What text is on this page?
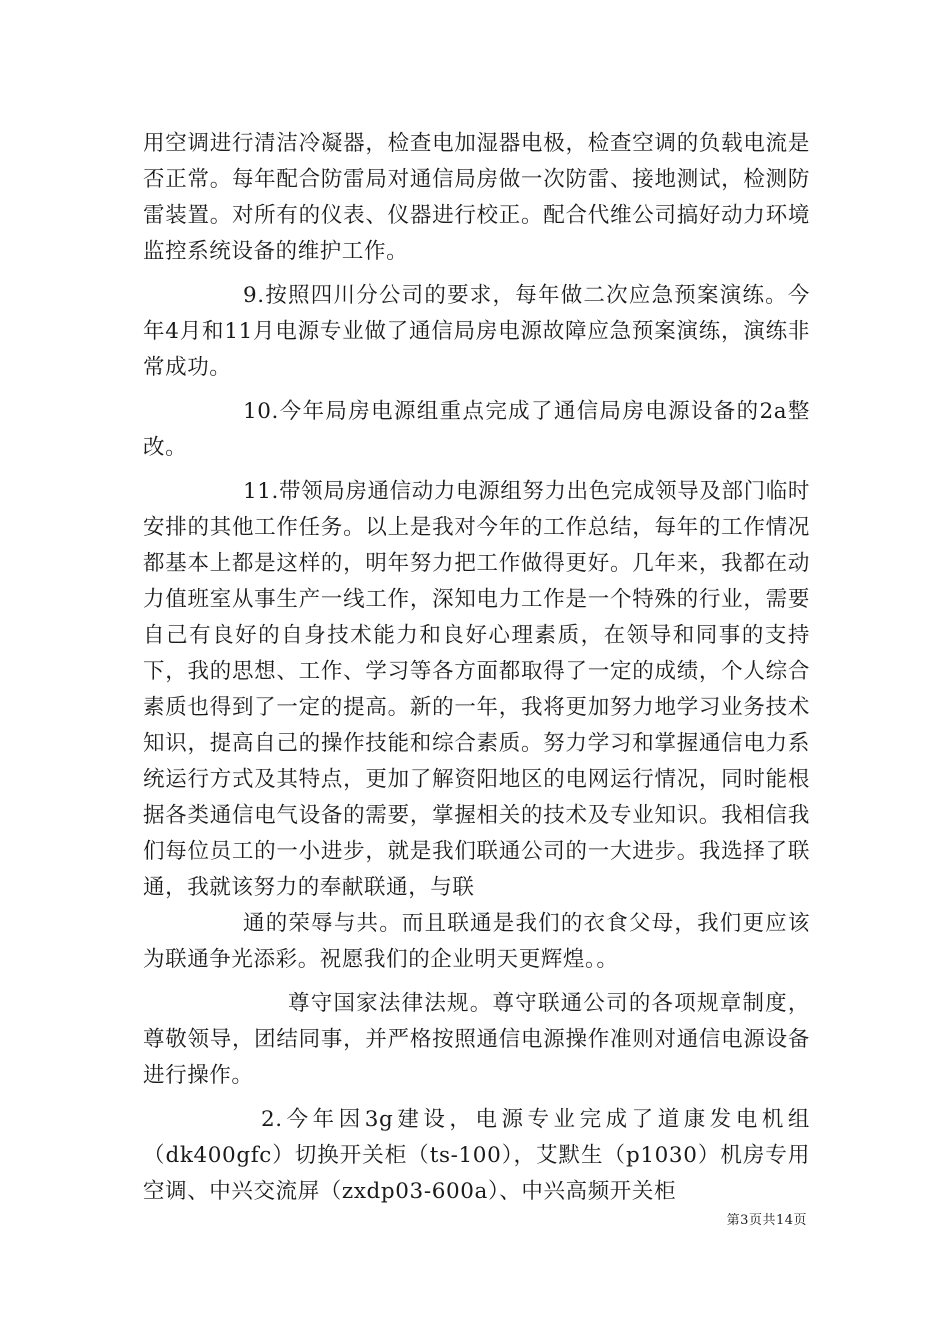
用空调进行清洁冷凝器，检查电加湿器电极，检查空调的负载电流是否正常。每年配合防雷局对通信局房做一次防雷、接地测试，检测防雷装置。对所有的仪表、仪器进行校正。配合代维公司搞好动力环境监控系统设备的维护工作。

9.按照四川分公司的要求，每年做二次应急预案演练。今年4月和11月电源专业做了通信局房电源故障应急预案演练，演练非常成功。

10.今年局房电源组重点完成了通信局房电源设备的2a整改。

11.带领局房通信动力电源组努力出色完成领导及部门临时安排的其他工作任务。以上是我对今年的工作总结，每年的工作情况都基本上都是这样的，明年努力把工作做得更好。几年来，我都在动力值班室从事生产一线工作，深知电力工作是一个特殊的行业，需要自己有良好的自身技术能力和良好心理素质，在领导和同事的支持下，我的思想、工作、学习等各方面都取得了一定的成绩，个人综合素质也得到了一定的提高。新的一年，我将更加努力地学习业务技术知识，提高自己的操作技能和综合素质。努力学习和掌握通信电力系统运行方式及其特点，更加了解资阳地区的电网运行情况，同时能根据各类通信电气设备的需要，掌握相关的技术及专业知识。我相信我们每位员工的一小进步，就是我们联通公司的一大进步。我选择了联通，我就该努力的奉献联通，与联

通的荣辱与共。而且联通是我们的衣食父母，我们更应该为联通争光添彩。祝愿我们的企业明天更辉煌。。

尊守国家法律法规。尊守联通公司的各项规章制度，尊敬领导，团结同事，并严格按照通信电源操作准则对通信电源设备进行操作。

2.今年因3g建设，电源专业完成了道康发电机组（dk400gfc）切换开关柜（ts-100），艾默生（p1030）机房专用空调、中兴交流屏（zxdp03-600a）、中兴高频开关柜

第3页共14页
